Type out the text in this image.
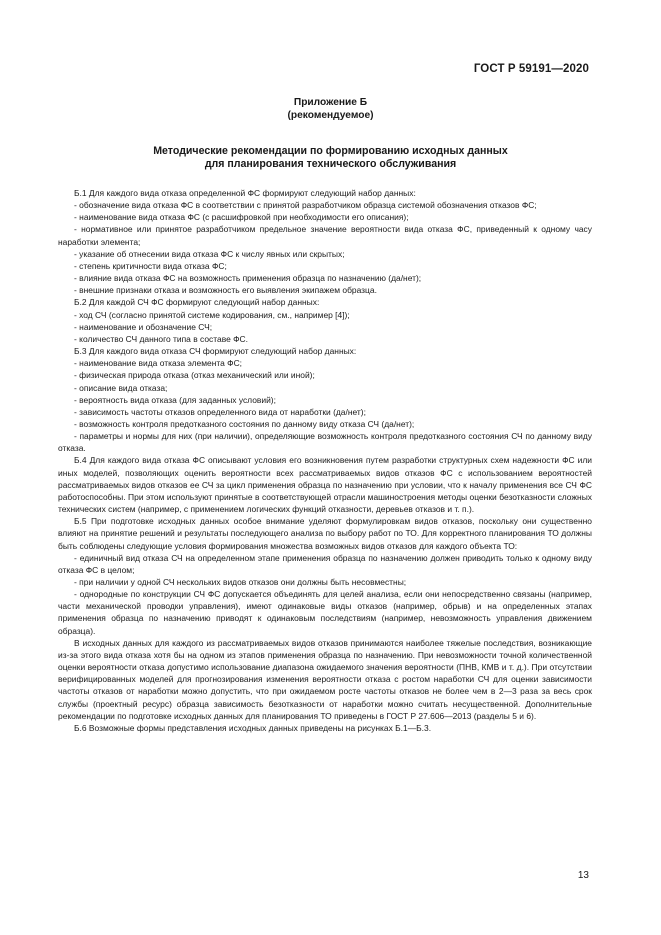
ГОСТ Р 59191—2020
Приложение Б
(рекомендуемое)
Методические рекомендации по формированию исходных данных
для планирования технического обслуживания

Б.1 Для каждого вида отказа определенной ФС формируют следующий набор данных:

- обозначение вида отказа ФС в соответствии с принятой разработчиком образца системой обозначения отказов ФС;

- наименование вида отказа ФС (с расшифровкой при необходимости его описания);

- нормативное или принятое разработчиком предельное значение вероятности вида отказа ФС, приведенный к одному часу наработки элемента;

- указание об отнесении вида отказа ФС к числу явных или скрытых;

- степень критичности вида отказа ФС;

- влияние вида отказа ФС на возможность применения образца по назначению (да/нет);

- внешние признаки отказа и возможность его выявления экипажем образца.

Б.2 Для каждой СЧ ФС формируют следующий набор данных:

- ход СЧ (согласно принятой системе кодирования, см., например [4]);

- наименование и обозначение СЧ;

- количество СЧ данного типа в составе ФС.

Б.3 Для каждого вида отказа СЧ формируют следующий набор данных:

- наименование вида отказа элемента ФС;

- физическая природа отказа (отказ механический или иной);

- описание вида отказа;

- вероятность вида отказа (для заданных условий);

- зависимость частоты отказов определенного вида от наработки (да/нет);

- возможность контроля предотказного состояния по данному виду отказа СЧ (да/нет);

- параметры и нормы для них (при наличии), определяющие возможность контроля предотказного состояния СЧ по данному виду отказа.

Б.4 Для каждого вида отказа ФС описывают условия его возникновения путем разработки структурных схем надежности ФС или иных моделей, позволяющих оценить вероятности всех рассматриваемых видов отказов ФС с использованием вероятностей рассматриваемых видов отказов ее СЧ за цикл применения образца по назначению при условии, что к началу применения все СЧ ФС работоспособны. При этом используют принятые в соответствующей отрасли машиностроения методы оценки безотказности сложных технических систем (например, с применением логических функций отказности, деревьев отказов и т. п.).

Б.5 При подготовке исходных данных особое внимание уделяют формулировкам видов отказов, поскольку они существенно влияют на принятие решений и результаты последующего анализа по выбору работ по ТО. Для корректного планирования ТО должны быть соблюдены следующие условия формирования множества возможных видов отказов для каждого объекта ТО:

- единичный вид отказа СЧ на определенном этапе применения образца по назначению должен приводить только к одному виду отказа ФС в целом;

- при наличии у одной СЧ нескольких видов отказов они должны быть несовместны;

- однородные по конструкции СЧ ФС допускается объединять для целей анализа, если они непосредственно связаны (например, части механической проводки управления), имеют одинаковые виды отказов (например, обрыв) и на определенных этапах применения образца по назначению приводят к одинаковым последствиям (например, невозможность управления движением образца).

В исходных данных для каждого из рассматриваемых видов отказов принимаются наиболее тяжелые последствия, возникающие из-за этого вида отказа хотя бы на одном из этапов применения образца по назначению. При невозможности точной количественной оценки вероятности отказа допустимо использование диапазона ожидаемого значения вероятности (ПНВ, КМВ и т. д.). При отсутствии верифицированных моделей для прогнозирования изменения вероятности отказа с ростом наработки СЧ для оценки зависимости частоты отказов от наработки можно допустить, что при ожидаемом росте частоты отказов не более чем в 2—3 раза за весь срок службы (проектный ресурс) образца зависимость безотказности от наработки можно считать несущественной. Дополнительные рекомендации по подготовке исходных данных для планирования ТО приведены в ГОСТ Р 27.606—2013 (разделы 5 и 6).

Б.6 Возможные формы представления исходных данных приведены на рисунках Б.1—Б.3.

13
